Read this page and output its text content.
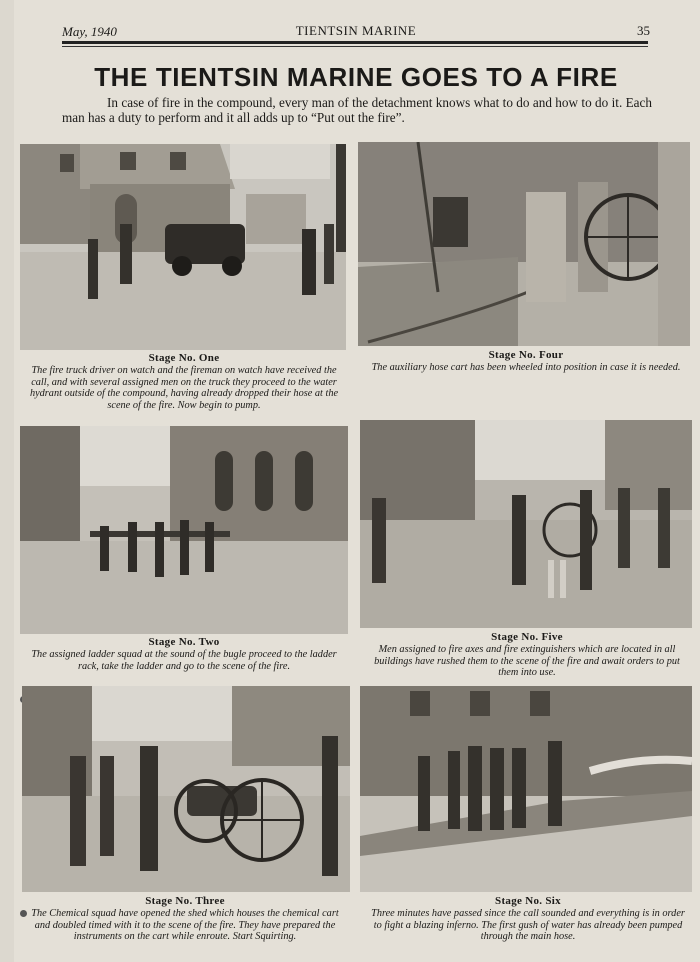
May, 1940	TIENTSIN MARINE	35
THE TIENTSIN MARINE GOES TO A FIRE
In case of fire in the compound, every man of the detachment knows what to do and how to do it. Each man has a duty to perform and it all adds up to “Put out the fire”.
Stage No. One
The fire truck driver on watch and the fireman on watch have received the call, and with several assigned men on the truck they proceed to the water hydrant outside of the compound, having already dropped their hose at the scene of the fire. Now begin to pump.
Stage No. Four
The auxiliary hose cart has been wheeled into position in case it is needed.
Stage No. Two
The assigned ladder squad at the sound of the bugle proceed to the ladder rack, take the ladder and go to the scene of the fire.
Stage No. Five
Men assigned to fire axes and fire extinguishers which are located in all buildings have rushed them to the scene of the fire and await orders to put them into use.
Stage No. Three
The Chemical squad have opened the shed which houses the chemical cart and doubled timed with it to the scene of the fire. They have prepared the instruments on the cart while enroute. Start Squirting.
Stage No. Six
Three minutes have passed since the call sounded and everything is in order to fight a blazing inferno. The first gush of water has already been pumped through the main hose.
